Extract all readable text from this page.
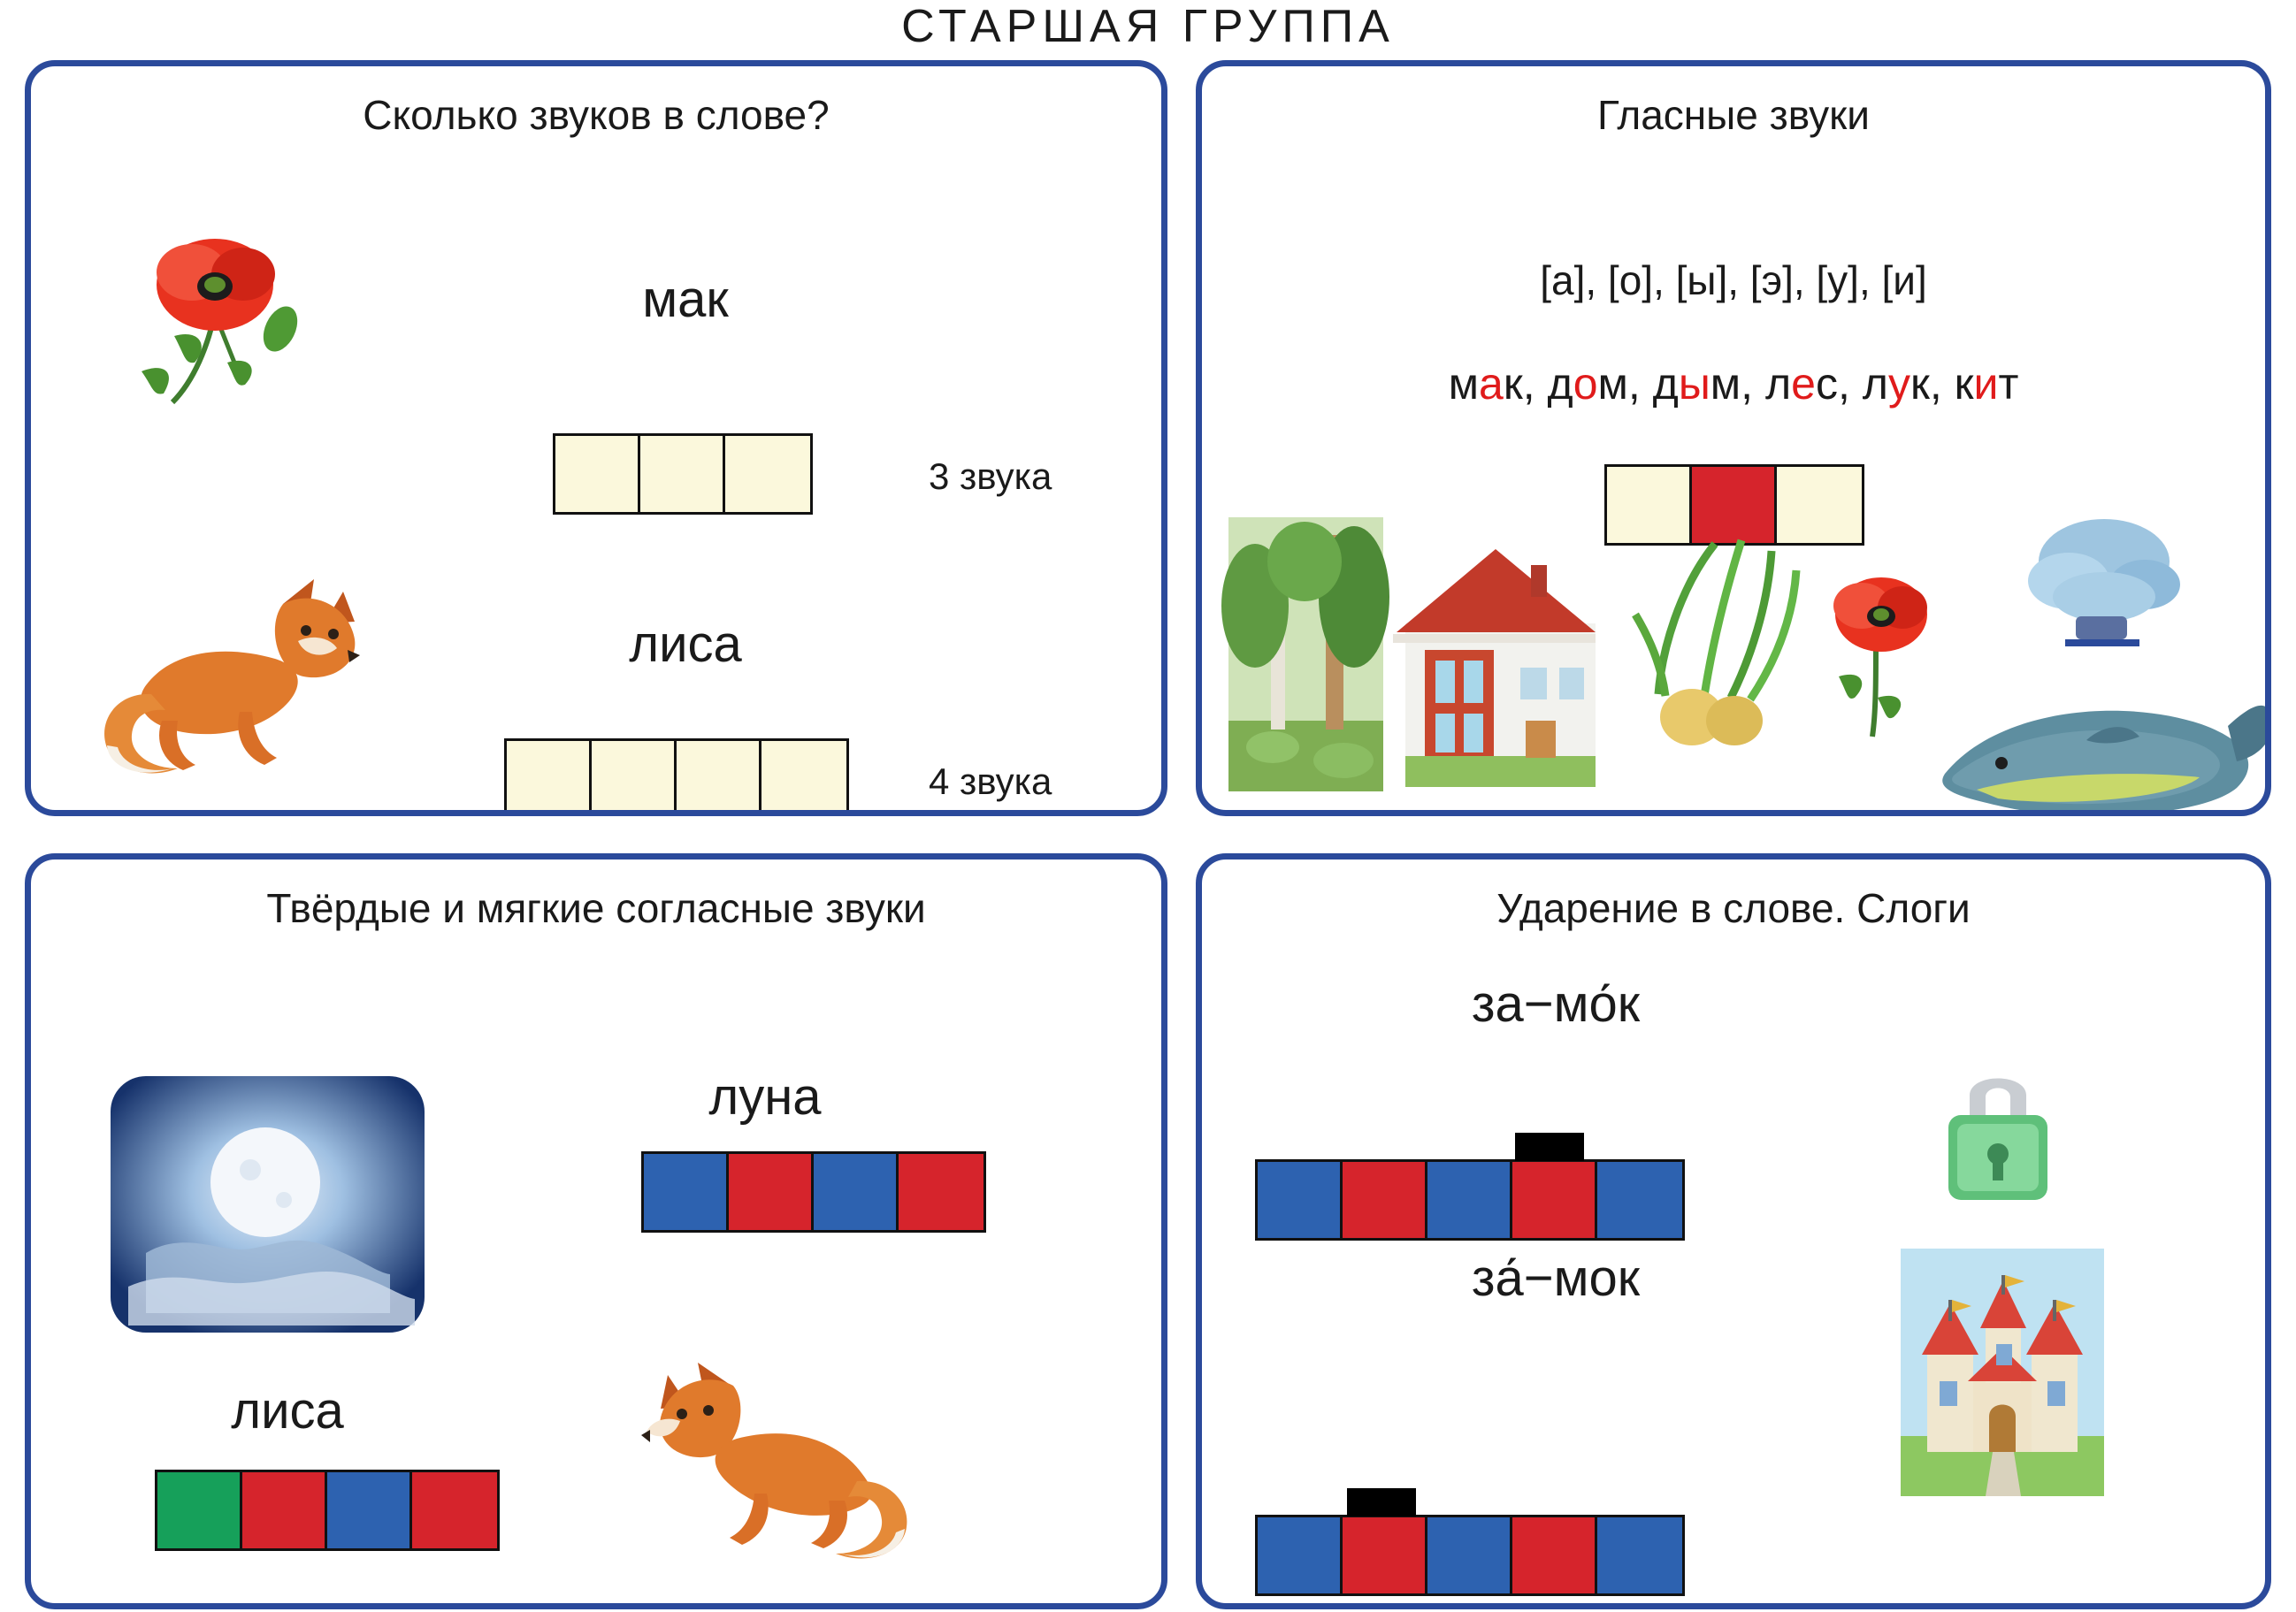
СТАРШАЯ ГРУППА
Сколько звуков в слове?
мак
3 звука
лиса
4 звука
Гласные звуки
[а], [о], [ы], [э], [у], [и]
мак, дом, дым, лес, лук, кит
Твёрдые и мягкие согласные звуки
луна
лиса
Ударение в слове. Слоги
за−мо́к
за́−мок
